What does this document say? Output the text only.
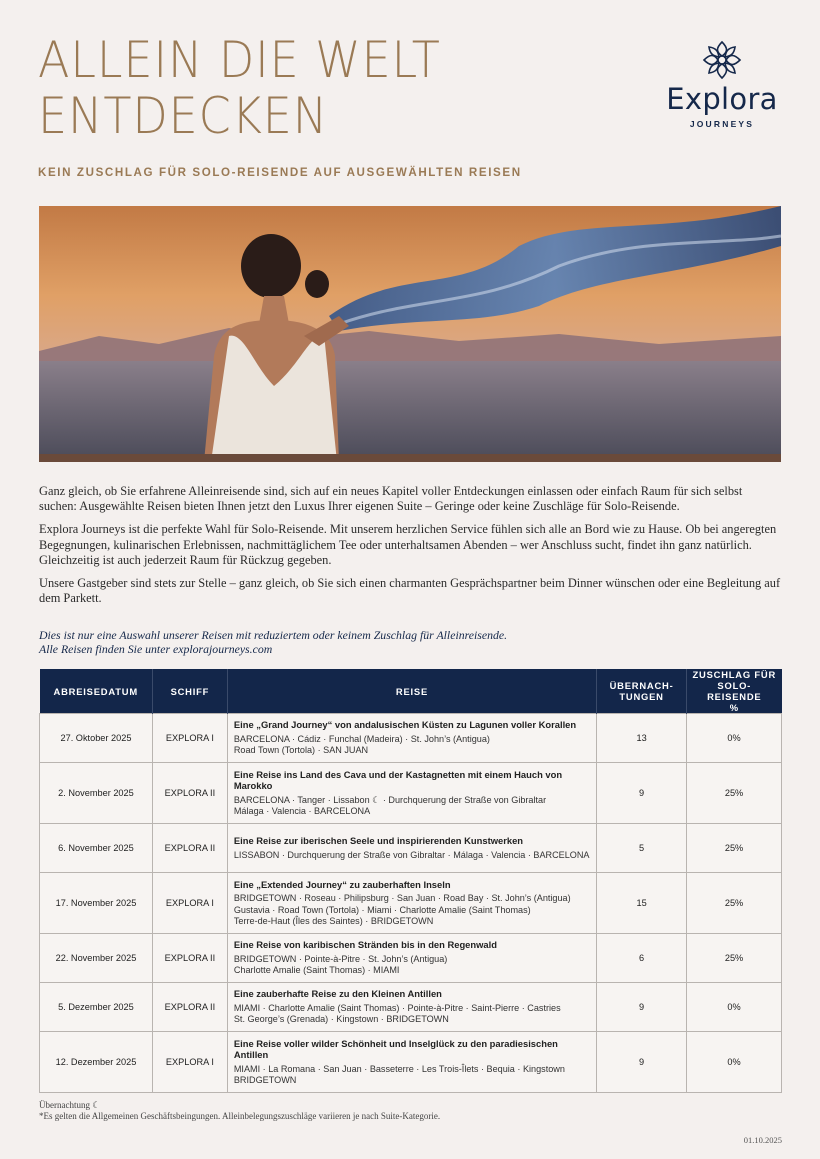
ALLEIN DIE WELT
ENTDECKEN	Explora
JOURNEYS
KEIN ZUSCHLAG FÜR SOLO-REISENDE AUF AUSGEWÄHLTEN REISEN

Ganz gleich, ob Sie erfahrene Alleinreisende sind, sich auf ein neues Kapitel voller Entdeckungen einlassen oder einfach Raum für sich selbst suchen: Ausgewählte Reisen bieten Ihnen jetzt den Luxus Ihrer eigenen Suite – Geringe oder keine Zuschläge für Solo-Reisende.

Explora Journeys ist die perfekte Wahl für Solo-Reisende. Mit unserem herzlichen Service fühlen sich alle an Bord wie zu Hause. Ob bei angeregten Begegnungen, kulinarischen Erlebnissen, nachmittäglichem Tee oder unterhaltsamen Abenden – wer Anschluss sucht, findet ihn ganz natürlich. Gleichzeitig ist auch jederzeit Raum für Rückzug gegeben.

Unsere Gastgeber sind stets zur Stelle – ganz gleich, ob Sie sich einen charmanten Gesprächspartner beim Dinner wünschen oder eine Begleitung auf dem Parkett.

Dies ist nur eine Auswahl unserer Reisen mit reduziertem oder keinem Zuschlag für Alleinreisende.
Alle Reisen finden Sie unter explorajourneys.com
ABREISEDATUM	SCHIFF	REISE	ÜBERNACH-
TUNGEN	ZUSCHLAG FÜR
SOLO-REISENDE
%
27. Oktober 2025	EXPLORA I	Eine „Grand Journey“ von andalusischen Küsten zu Lagunen voller Korallen
BARCELONA · Cádiz · Funchal (Madeira) · St. John’s (Antigua)
Road Town (Tortola) · SAN JUAN	13	0%
2. November 2025	EXPLORA II	Eine Reise ins Land des Cava und der Kastagnetten mit einem Hauch von Marokko
BARCELONA · Tanger · Lissabon ☾ · Durchquerung der Straße von Gibraltar
Málaga · Valencia · BARCELONA	9	25%
6. November 2025	EXPLORA II	Eine Reise zur iberischen Seele und inspirierenden Kunstwerken
LISSABON · Durchquerung der Straße von Gibraltar · Málaga · Valencia · BARCELONA	5	25%
17. November 2025	EXPLORA I	Eine „Extended Journey“ zu zauberhaften Inseln
BRIDGETOWN · Roseau · Philipsburg · San Juan · Road Bay · St. John’s (Antigua)
Gustavia · Road Town (Tortola) · Miami · Charlotte Amalie (Saint Thomas)
Terre-de-Haut (Îles des Saintes) · BRIDGETOWN	15	25%
22. November 2025	EXPLORA II	Eine Reise von karibischen Stränden bis in den Regenwald
BRIDGETOWN · Pointe-à-Pitre · St. John’s (Antigua)
Charlotte Amalie (Saint Thomas) · MIAMI	6	25%
5. Dezember 2025	EXPLORA II	Eine zauberhafte Reise zu den Kleinen Antillen
MIAMI · Charlotte Amalie (Saint Thomas) · Pointe-à-Pitre · Saint-Pierre · Castries
St. George’s (Grenada) · Kingstown · BRIDGETOWN	9	0%
12. Dezember 2025	EXPLORA I	Eine Reise voller wilder Schönheit und Inselglück zu den paradiesischen Antillen
MIAMI · La Romana · San Juan · Basseterre · Les Trois-Îlets · Bequia · Kingstown
BRIDGETOWN	9	0%
Übernachtung ☾
*Es gelten die Allgemeinen Geschäftsbeingungen. Alleinbelegungszuschläge variieren je nach Suite-Kategorie.
01.10.2025
